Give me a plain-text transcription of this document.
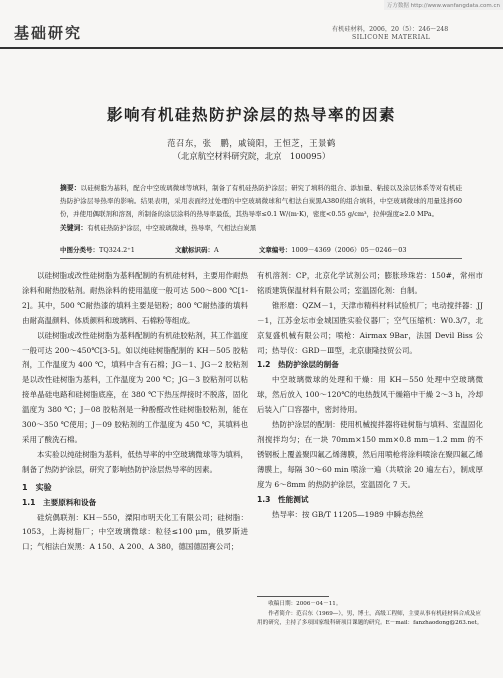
万方数据 http://www.wanfangdata.com.cn
基础研究	有机硅材料，2006，20（5）：246～248
SILICONE MATERIAL
影响有机硅热防护涂层的热导率的因素
范召东，张　鹏，戚镜阳，王恒芝，王景鹤
（北京航空材料研究院，北京　100095）
摘要：以硅树脂为基料，配合中空玻璃微球等填料，制备了有机硅热防护涂层；研究了填料的组合、添加量、粘接以及涂层体系等对有机硅热防护涂层导热率的影响。结果表明，采用表面经过处理的中空玻璃微球和气相法白炭黑A380的组合填料，中空玻璃微球的用量选择60份，并使用偶联剂和溶剂，所制备的涂层涂料的热导率最低，其热导率≤0.1 W/(m·K)，密度<0.55 g/cm³，拉伸强度≥2.0 MPa。
关键词：有机硅热防护涂层，中空玻璃微球，热导率，气相法白炭黑
中图分类号：TQ324.2⁺1	文献标识码：A	文章编号：1009－4369（2006）05－0246－03

以硅树脂或改性硅树脂为基料配制的有机硅材料，主要用作耐热涂料和耐热胶粘剂。耐热涂料的使用温度一般可达 500～800 ℃[1-2]。其中，500 ℃耐热漆的填料主要是铝粉；800 ℃耐热漆的填料由耐高温颜料、体质颜料和玻璃料、石棉粉等组成。

以硅树脂或改性硅树脂为基料配制的有机硅胶粘剂，其工作温度一般可达 200～450℃[3-5]。如以纯硅树脂配制的 KH－505 胶粘剂，工作温度为 400 ℃，填料中含有石棉；JG－1、JG－2 胶粘剂是以改性硅树脂为基料，工作温度为 200 ℃；JG－3 胶粘剂可以粘接单晶硅电路和硅树脂底座，在 380 ℃下热压焊接时不脱落，固化温度为 380 ℃；J－08 胶粘剂是一种酚醛改性硅树脂胶粘剂，能在 300～350 ℃使用；J－09 胶粘剂的工作温度为 450 ℃，其填料也采用了酸洗石棉。

本实验以纯硅树脂为基料，低热导率的中空玻璃微球等为填料，制备了热防护涂层，研究了影响热防护涂层热导率的因素。

1　实验

1.1　主要原料和设备

硅烷偶联剂：KH－550，溧阳市明天化工有限公司；硅树脂：1053，上海树脂厂；中空玻璃微球：粒径≤100 μm，俄罗斯进口；气相法白炭黑：A 150、A 200、A 380，德国德固赛公司；

有机溶剂：CP，北京化学试剂公司；膨胀珍珠岩：150#，常州市铭质建筑保温材料有限公司；室温固化剂：自制。

锥形磨：QZM－1，天津市精科材料试验机厂；电动搅拌器：JJ－1，江苏金坛市金城国胜实验仪器厂；空气压缩机：W0.3/7，北京复盛机械有限公司；喷枪：Airmax 9Bar，法国 Devil Biss 公司；热导仪：GRD－Ⅲ型，北京康隆技贸公司。

1.2　热防护涂层的制备

中空玻璃微球的处理和干燥：用 KH－550 处理中空玻璃微球，然后放入 100～120℃的电热鼓风干燥箱中干燥 2～3 h，冷却后装入广口容器中，密封待用。

热防护涂层的配制：使用机械搅拌器将硅树脂与填料、室温固化剂搅拌均匀；在一块 70mm×150 mm×0.8 mm－1.2 mm 的不锈钢板上覆盖聚四氟乙烯薄膜，然后用喷枪将涂料喷涂在聚四氟乙烯薄膜上，每隔 30～60 min 喷涂一遍（共喷涂 20 遍左右），制成厚度为 6～8mm 的热防护涂层，室温固化 7 天。

1.3　性能测试

热导率：按 GB/T 11205—1989 中瞬态热丝

收稿日期：2006－04－11。
作者简介：范召东（1969—），男，博士，高级工程师，主要从事有机硅材料合成及应用的研究，主持了多项国家级科研项目课题的研究。E－mail：fanzhaodong@263.net。
